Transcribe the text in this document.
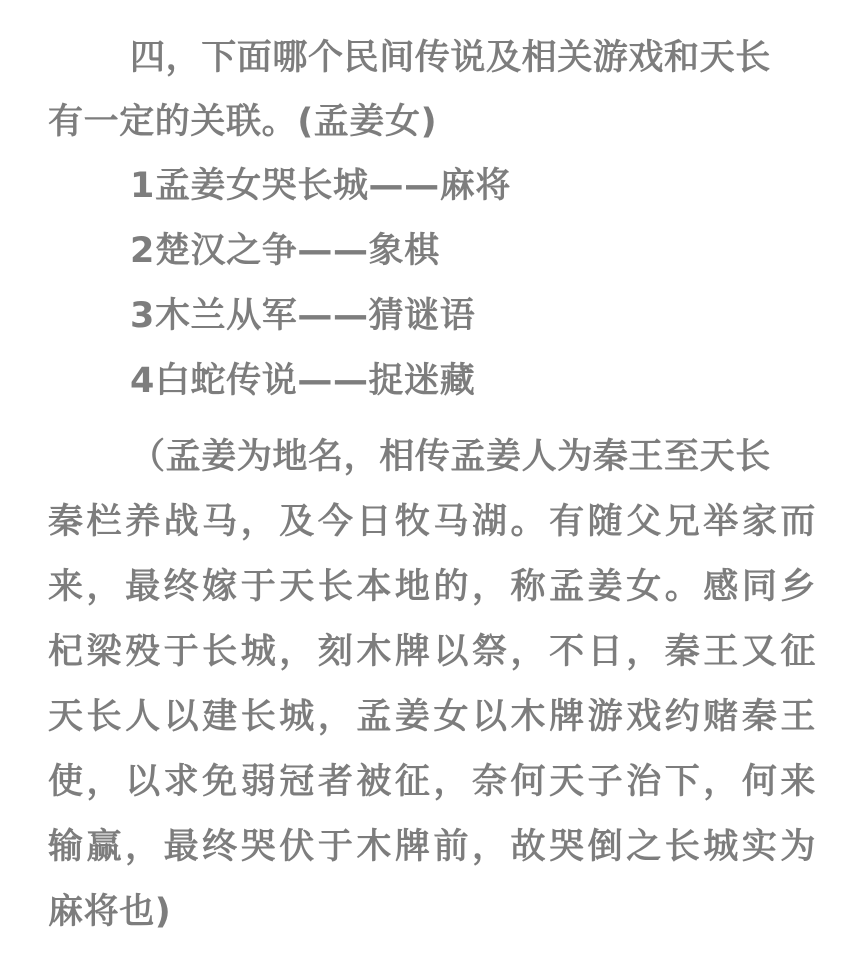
四，下面哪个民间传说及相关游戏和天长
有一定的关联。(孟姜女)
1孟姜女哭长城——麻将
2楚汉之争——象棋
3木兰从军——猜谜语
4白蛇传说——捉迷藏
（孟姜为地名，相传孟姜人为秦王至天长
秦栏养战马，及今日牧马湖。有随父兄举家而
来，最终嫁于天长本地的，称孟姜女。感同乡
杞梁殁于长城，刻木牌以祭，不日，秦王又征
天长人以建长城，孟姜女以木牌游戏约赌秦王
使，以求免弱冠者被征，奈何天子治下，何来
输赢，最终哭伏于木牌前，故哭倒之长城实为
麻将也)
